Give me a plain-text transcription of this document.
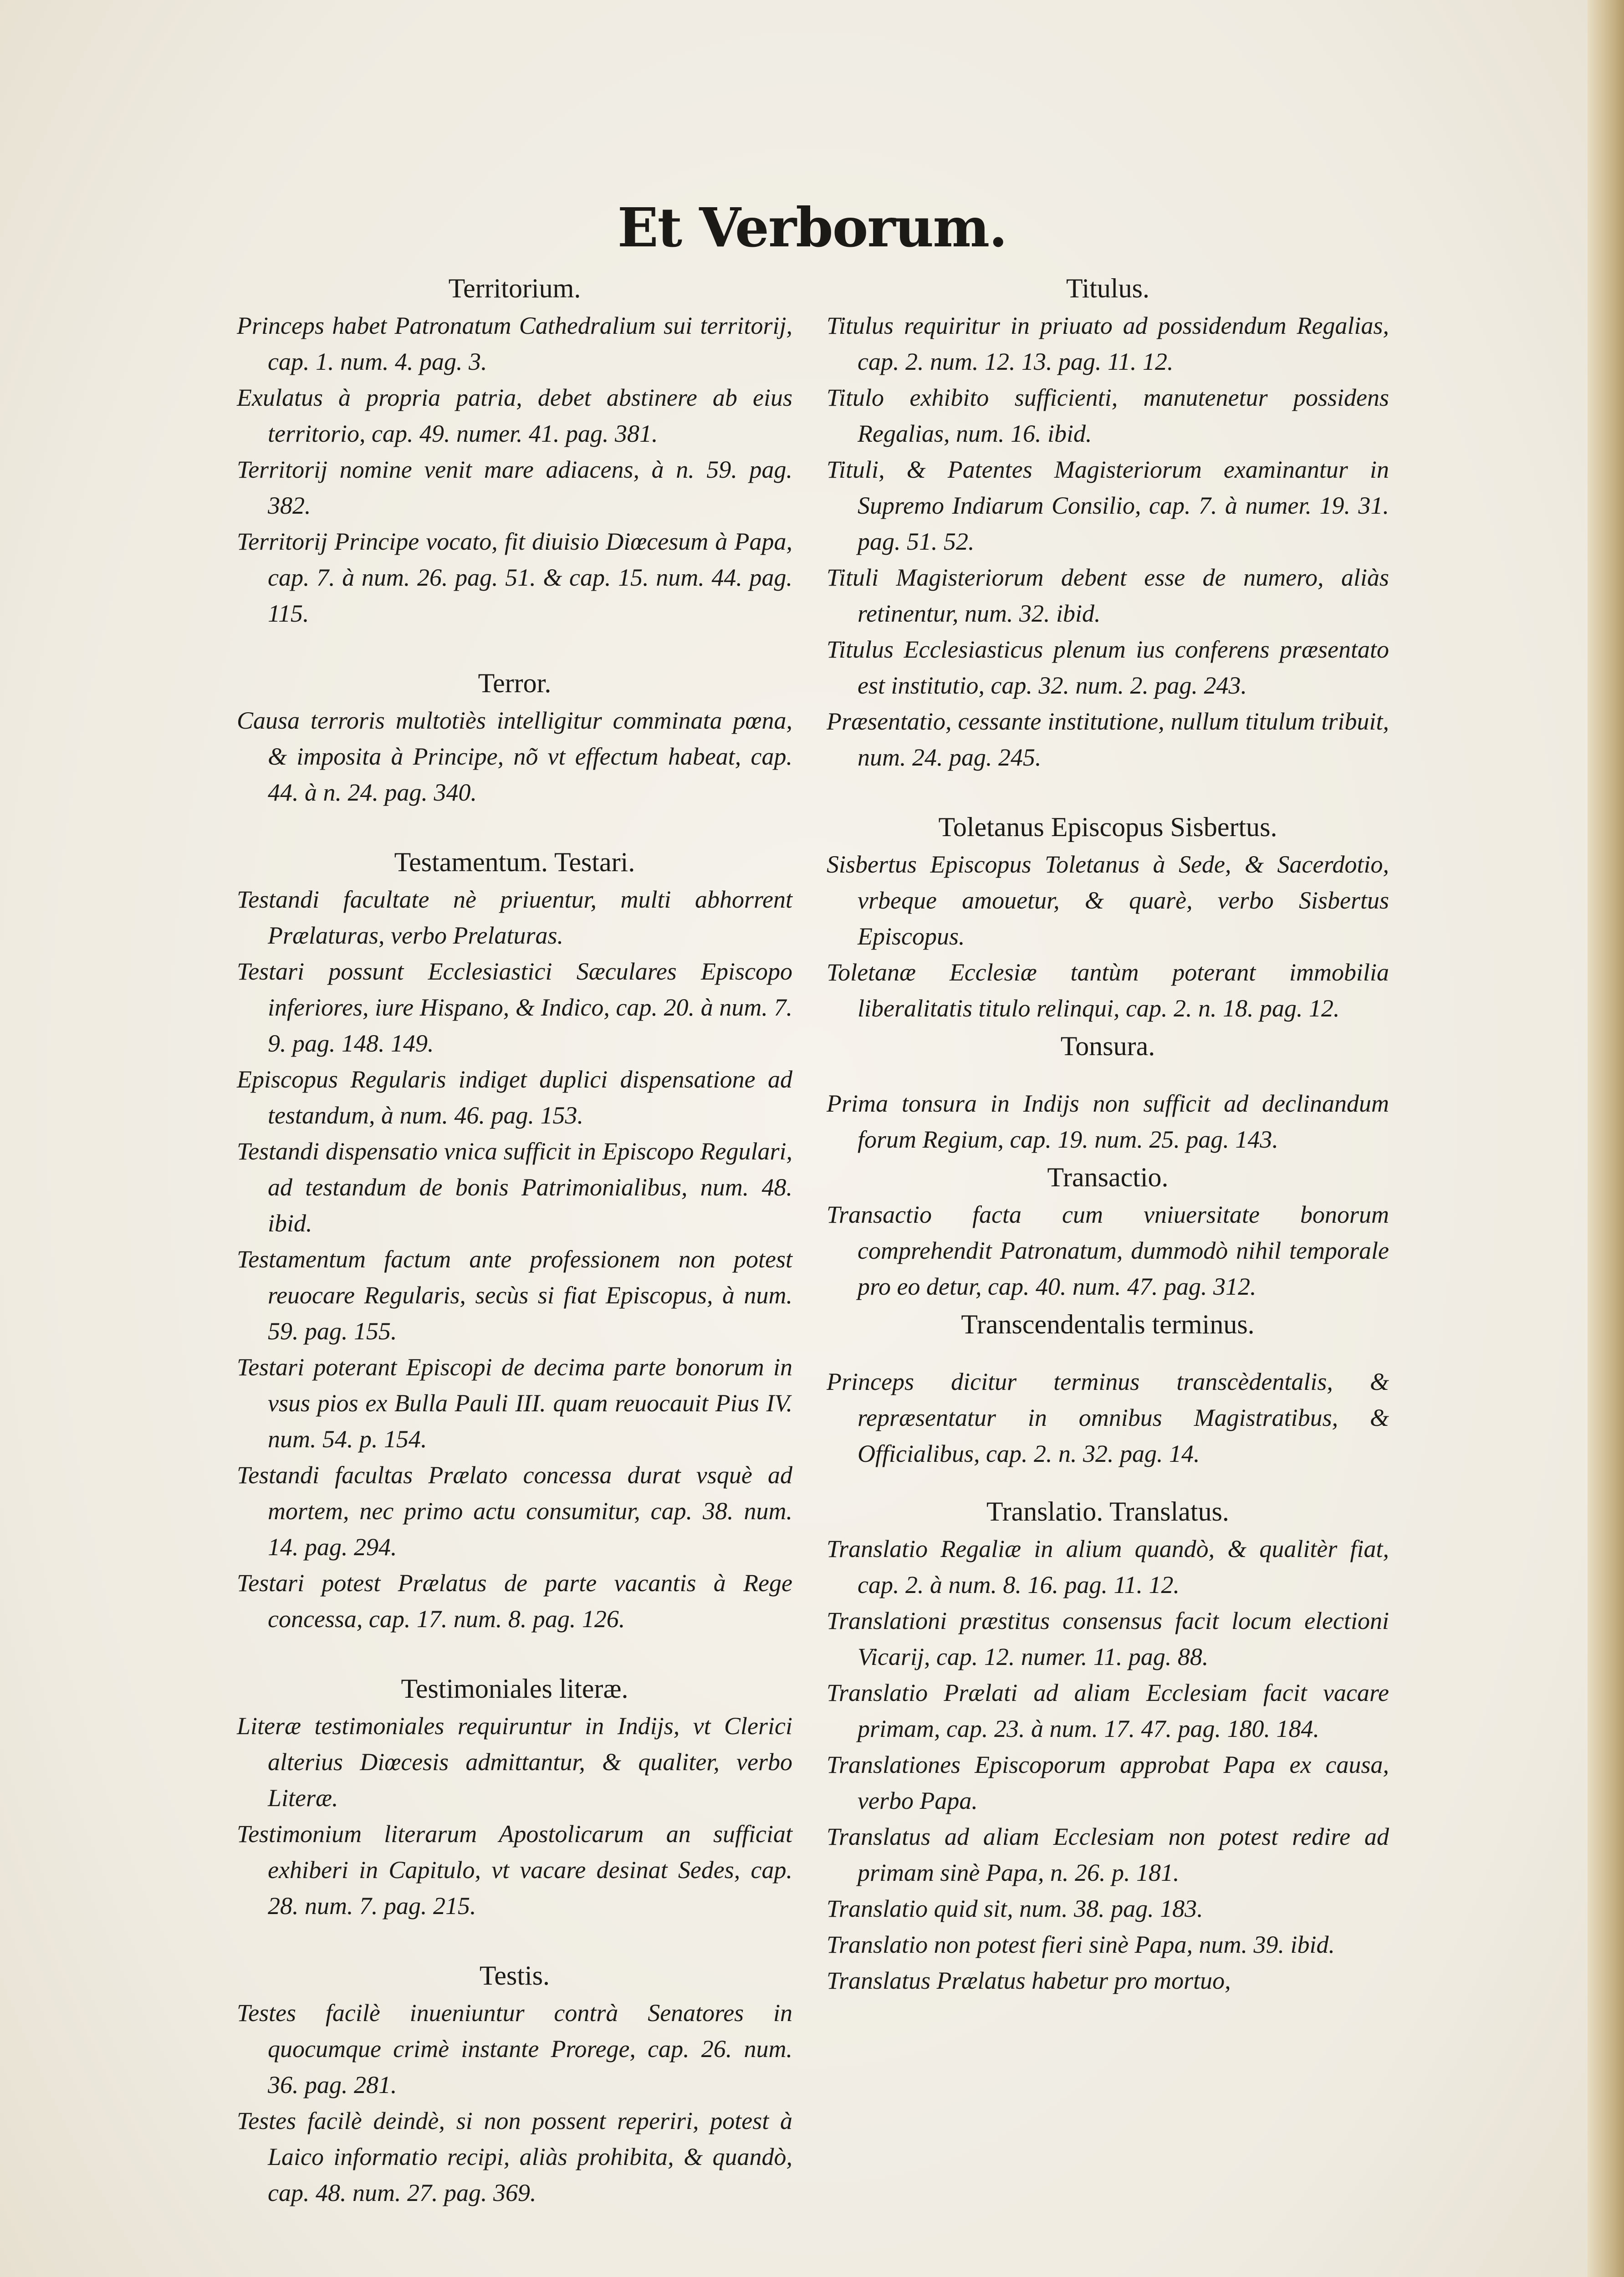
Et Verborum.

Territorium.

Princeps habet Patronatum Cathedralium sui territorij, cap. 1. num. 4. pag. 3.

Exulatus à propria patria, debet abstinere ab eius territorio, cap. 49. numer. 41. pag. 381.

Territorij nomine venit mare adiacens, à n. 59. pag. 382.

Territorij Principe vocato, fit diuisio Diœcesum à Papa, cap. 7. à num. 26. pag. 51. & cap. 15. num. 44. pag. 115.

Terror.

Causa terroris multotiès intelligitur comminata pœna, & imposita à Principe, nõ vt effectum habeat, cap. 44. à n. 24. pag. 340.

Testamentum. Testari.

Testandi facultate nè priuentur, multi abhorrent Prælaturas, verbo Prelaturas.

Testari possunt Ecclesiastici Sæculares Episcopo inferiores, iure Hispano, & Indico, cap. 20. à num. 7. 9. pag. 148. 149.

Episcopus Regularis indiget duplici dispensatione ad testandum, à num. 46. pag. 153.

Testandi dispensatio vnica sufficit in Episcopo Regulari, ad testandum de bonis Patrimonialibus, num. 48. ibid.

Testamentum factum ante professionem non potest reuocare Regularis, secùs si fiat Episcopus, à num. 59. pag. 155.

Testari poterant Episcopi de decima parte bonorum in vsus pios ex Bulla Pauli III. quam reuocauit Pius IV. num. 54. p. 154.

Testandi facultas Prælato concessa durat vsquè ad mortem, nec primo actu consumitur, cap. 38. num. 14. pag. 294.

Testari potest Prælatus de parte vacantis à Rege concessa, cap. 17. num. 8. pag. 126.

Testimoniales literæ.

Literæ testimoniales requiruntur in Indijs, vt Clerici alterius Diœcesis admittantur, & qualiter, verbo Literæ.

Testimonium literarum Apostolicarum an sufficiat exhiberi in Capitulo, vt vacare desinat Sedes, cap. 28. num. 7. pag. 215.

Testis.

Testes facilè inueniuntur contrà Senatores in quocumque crimè instante Prorege, cap. 26. num. 36. pag. 281.

Testes facilè deindè, si non possent reperiri, potest à Laico informatio recipi, aliàs prohibita, & quandò, cap. 48. num. 27. pag. 369.

Titulus.

Titulus requiritur in priuato ad possidendum Regalias, cap. 2. num. 12. 13. pag. 11. 12.

Titulo exhibito sufficienti, manutenetur possidens Regalias, num. 16. ibid.

Tituli, & Patentes Magisteriorum examinantur in Supremo Indiarum Consilio, cap. 7. à numer. 19. 31. pag. 51. 52.

Tituli Magisteriorum debent esse de numero, aliàs retinentur, num. 32. ibid.

Titulus Ecclesiasticus plenum ius conferens præsentato est institutio, cap. 32. num. 2. pag. 243.

Præsentatio, cessante institutione, nullum titulum tribuit, num. 24. pag. 245.

Toletanus Episcopus Sisbertus.

Sisbertus Episcopus Toletanus à Sede, & Sacerdotio, vrbeque amouetur, & quarè, verbo Sisbertus Episcopus.

Toletanæ Ecclesiæ tantùm poterant immobilia liberalitatis titulo relinqui, cap. 2. n. 18. pag. 12.

Tonsura.

Prima tonsura in Indijs non sufficit ad declinandum forum Regium, cap. 19. num. 25. pag. 143.

Transactio.

Transactio facta cum vniuersitate bonorum comprehendit Patronatum, dummodò nihil temporale pro eo detur, cap. 40. num. 47. pag. 312.

Transcendentalis terminus.

Princeps dicitur terminus transcèdentalis, & repræsentatur in omnibus Magistratibus, & Officialibus, cap. 2. n. 32. pag. 14.

Translatio. Translatus.

Translatio Regaliæ in alium quandò, & qualitèr fiat, cap. 2. à num. 8. 16. pag. 11. 12.

Translationi præstitus consensus facit locum electioni Vicarij, cap. 12. numer. 11. pag. 88.

Translatio Prælati ad aliam Ecclesiam facit vacare primam, cap. 23. à num. 17. 47. pag. 180. 184.

Translationes Episcoporum approbat Papa ex causa, verbo Papa.

Translatus ad aliam Ecclesiam non potest redire ad primam sinè Papa, n. 26. p. 181.

Translatio quid sit, num. 38. pag. 183.

Translatio non potest fieri sinè Papa, num. 39. ibid.

Translatus Prælatus habetur pro mortuo,
